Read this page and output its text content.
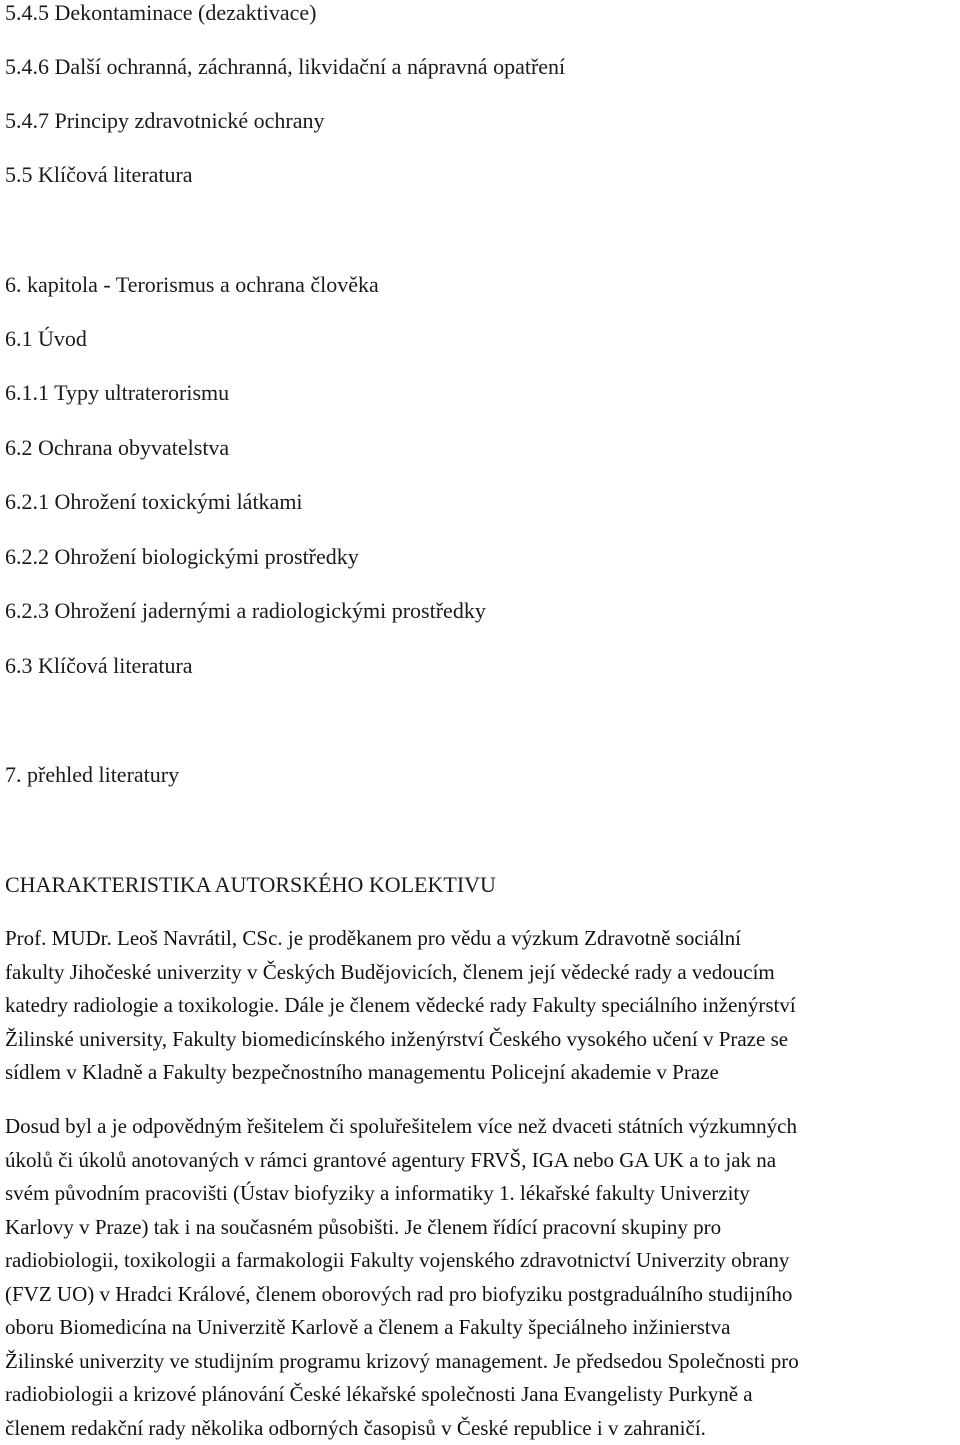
5.4.5 Dekontaminace (dezaktivace)
5.4.6 Další ochranná, záchranná, likvidační a nápravná opatření
5.4.7 Principy zdravotnické ochrany
5.5 Klíčová literatura
6. kapitola - Terorismus a ochrana člověka
6.1 Úvod
6.1.1 Typy ultraterorismu
6.2 Ochrana obyvatelstva
6.2.1 Ohrožení toxickými látkami
6.2.2 Ohrožení biologickými prostředky
6.2.3 Ohrožení jadernými a radiologickými prostředky
6.3 Klíčová literatura
7. přehled literatury
CHARAKTERISTIKA AUTORSKÉHO KOLEKTIVU
Prof. MUDr. Leoš Navrátil, CSc. je proděkanem pro vědu a výzkum Zdravotně sociální
fakulty Jihočeské univerzity v Českých Budějovicích, členem její vědecké rady a vedoucím
katedry radiologie a toxikologie. Dále je členem vědecké rady Fakulty speciálního inženýrství
Žilinské university, Fakulty biomedicínského inženýrství Českého vysokého učení v Praze se
sídlem v Kladně a Fakulty bezpečnostního managementu Policejní akademie v Praze
Dosud byl a je odpovědným řešitelem či spoluřešitelem více než dvaceti státních výzkumných
úkolů či úkolů anotovaných v rámci grantové agentury FRVŠ, IGA nebo GA UK a to jak na
svém původním pracovišti (Ústav biofyziky a informatiky 1. lékařské fakulty Univerzity
Karlovy v Praze) tak i na současném působišti. Je členem řídící pracovní skupiny pro
radiobiologii, toxikologii a farmakologii Fakulty vojenského zdravotnictví Univerzity obrany
(FVZ UO) v Hradci Králové, členem oborových rad pro biofyziku postgraduálního studijního
oboru Biomedicína na Univerzitě Karlově a členem a Fakulty špeciálneho inžinierstva
Žilinské univerzity ve studijním programu krizový management. Je předsedou Společnosti pro
radiobiologii a krizové plánování České lékařské společnosti Jana Evangelisty Purkyně a
členem redakční rady několika odborných časopisů v České republice i v zahraničí.
